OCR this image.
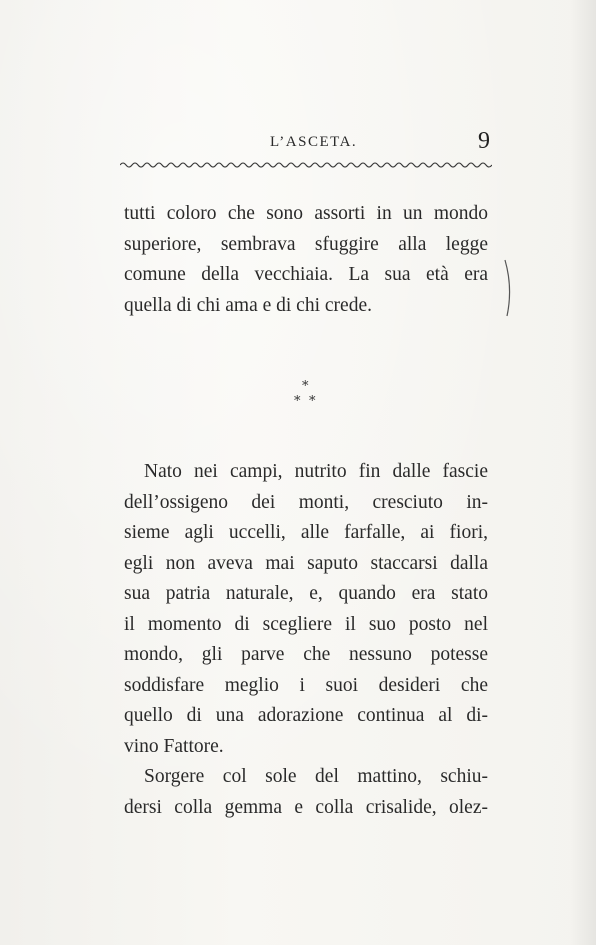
L’ASCETA.	9
tutti coloro che sono assorti in un mondo
superiore, sembrava sfuggire alla legge
comune della vecchiaia. La sua età era
quella di chi ama e di chi crede.
*
* *
Nato nei campi, nutrito fin dalle fascie
dell’ossigeno dei monti, cresciuto in-
sieme agli uccelli, alle farfalle, ai fiori,
egli non aveva mai saputo staccarsi dalla
sua patria naturale, e, quando era stato
il momento di scegliere il suo posto nel
mondo, gli parve che nessuno potesse
soddisfare meglio i suoi desideri che
quello di una adorazione continua al di-
vino Fattore.
Sorgere col sole del mattino, schiu-
dersi colla gemma e colla crisalide, olez-
